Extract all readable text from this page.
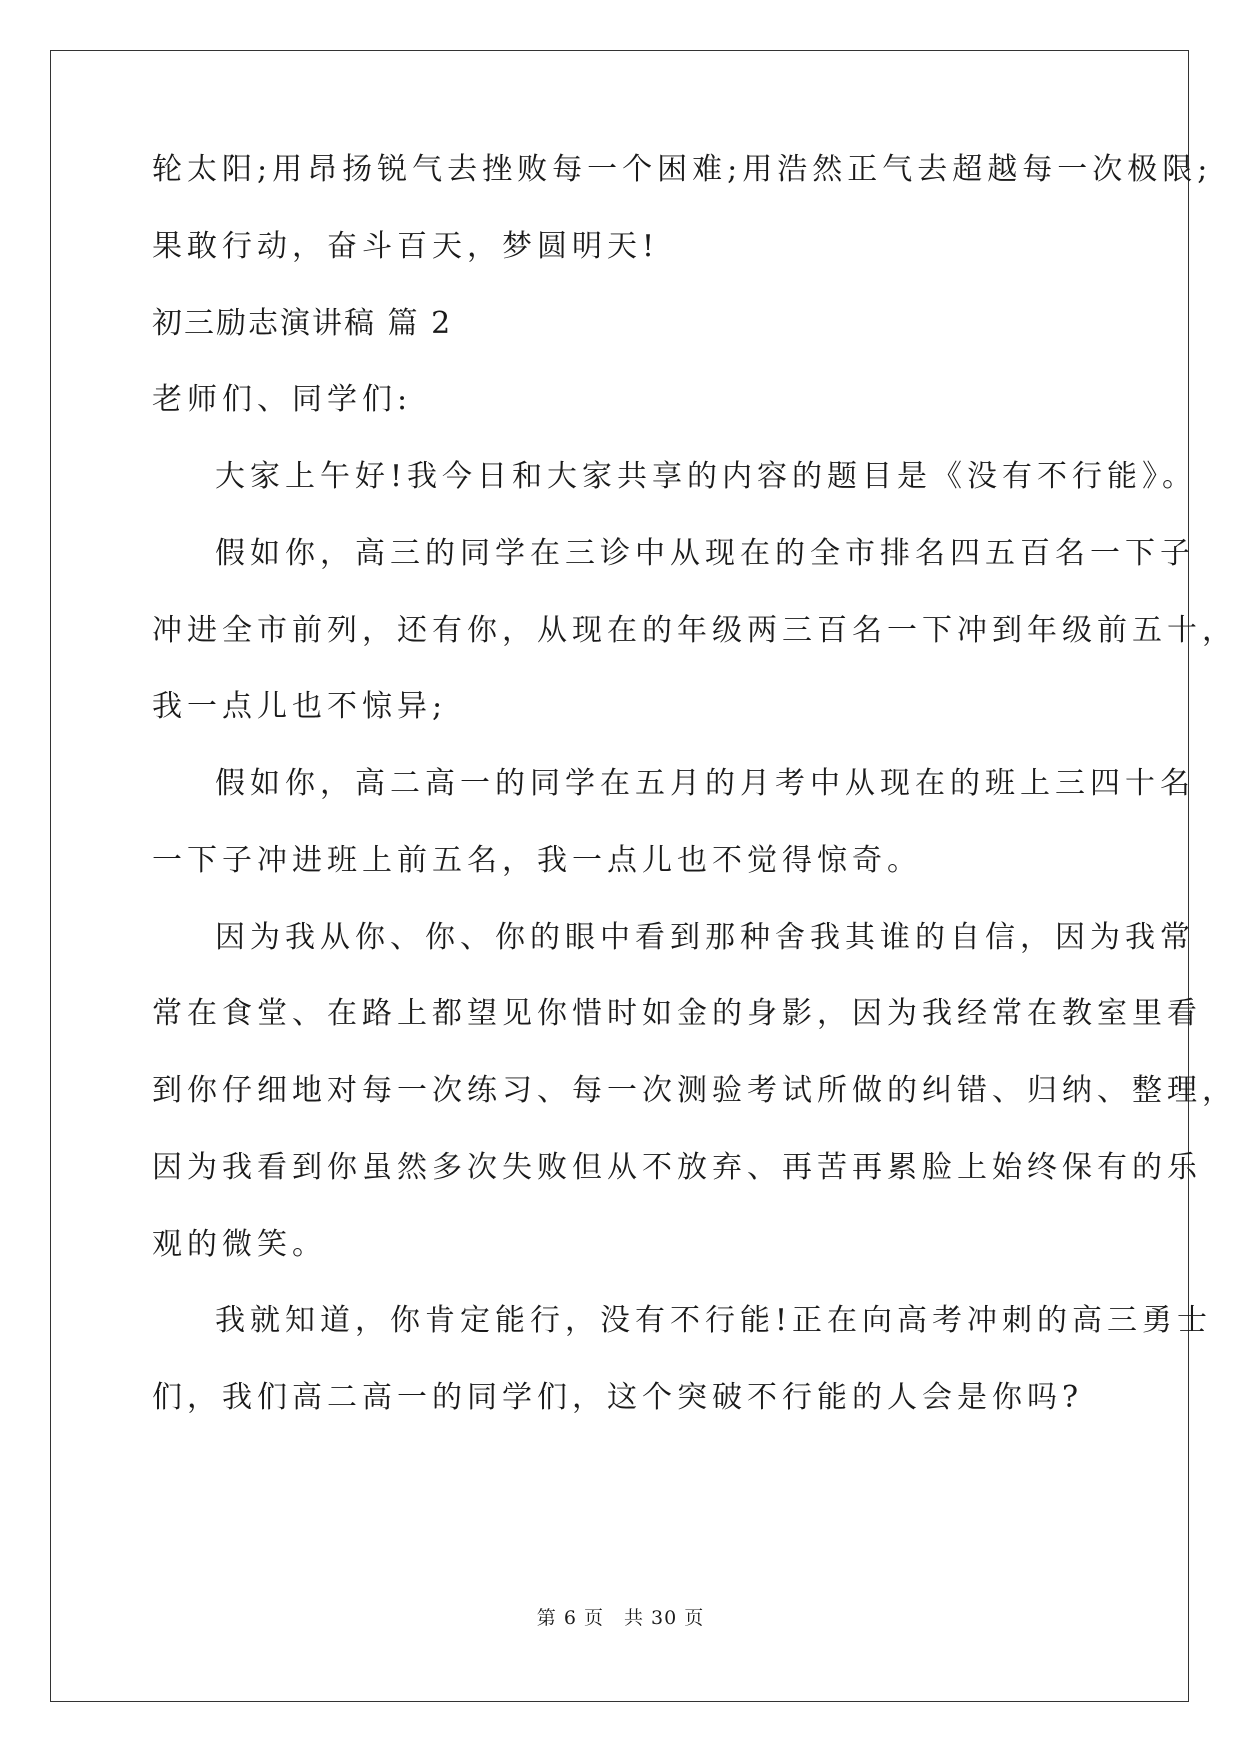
轮太阳;用昂扬锐气去挫败每一个困难;用浩然正气去超越每一次极限;
果敢行动，奋斗百天，梦圆明天!
初三励志演讲稿 篇 2
老师们、同学们:
大家上午好!我今日和大家共享的内容的题目是《没有不行能》。
假如你，高三的同学在三诊中从现在的全市排名四五百名一下子
冲进全市前列，还有你，从现在的年级两三百名一下冲到年级前五十，
我一点儿也不惊异;
假如你，高二高一的同学在五月的月考中从现在的班上三四十名
一下子冲进班上前五名，我一点儿也不觉得惊奇。
因为我从你、你、你的眼中看到那种舍我其谁的自信，因为我常
常在食堂、在路上都望见你惜时如金的身影，因为我经常在教室里看
到你仔细地对每一次练习、每一次测验考试所做的纠错、归纳、整理，
因为我看到你虽然多次失败但从不放弃、再苦再累脸上始终保有的乐
观的微笑。
我就知道，你肯定能行，没有不行能!正在向高考冲刺的高三勇士
们，我们高二高一的同学们，这个突破不行能的人会是你吗?
第 6 页　共 30 页
